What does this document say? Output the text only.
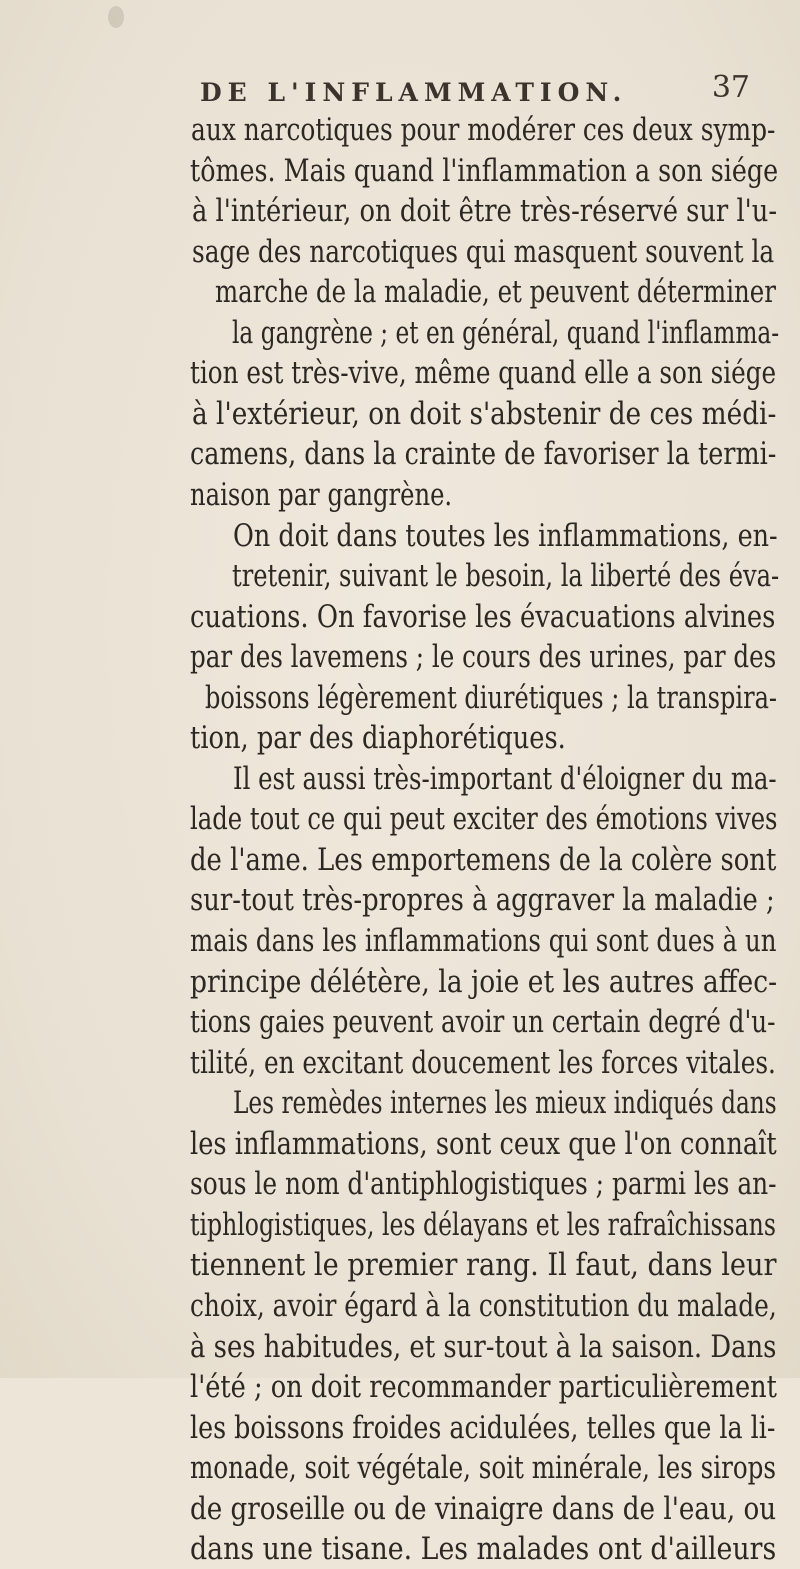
DE L'INFLAMMATION.	37
aux narcotiques pour modérer ces deux symp-
tômes. Mais quand l'inflammation a son siége
à l'intérieur, on doit être très-réservé sur l'u-
sage des narcotiques qui masquent souvent la
marche de la maladie, et peuvent déterminer
la gangrène ; et en général, quand l'inflamma-
tion est très-vive, même quand elle a son siége
à l'extérieur, on doit s'abstenir de ces médi-
camens, dans la crainte de favoriser la termi-
naison par gangrène.
On doit dans toutes les inflammations, en-
tretenir, suivant le besoin, la liberté des éva-
cuations. On favorise les évacuations alvines
par des lavemens ; le cours des urines, par des
boissons légèrement diurétiques ; la transpira-
tion, par des diaphorétiques.
Il est aussi très-important d'éloigner du ma-
lade tout ce qui peut exciter des émotions vives
de l'ame. Les emportemens de la colère sont
sur-tout très-propres à aggraver la maladie ;
mais dans les inflammations qui sont dues à un
principe délétère, la joie et les autres affec-
tions gaies peuvent avoir un certain degré d'u-
tilité, en excitant doucement les forces vitales.
Les remèdes internes les mieux indiqués dans
les inflammations, sont ceux que l'on connaît
sous le nom d'antiphlogistiques ; parmi les an-
tiphlogistiques, les délayans et les rafraîchissans
tiennent le premier rang. Il faut, dans leur
choix, avoir égard à la constitution du malade,
à ses habitudes, et sur-tout à la saison. Dans
l'été ; on doit recommander particulièrement
les boissons froides acidulées, telles que la li-
monade, soit végétale, soit minérale, les sirops
de groseille ou de vinaigre dans de l'eau, ou
dans une tisane. Les malades ont d'ailleurs
